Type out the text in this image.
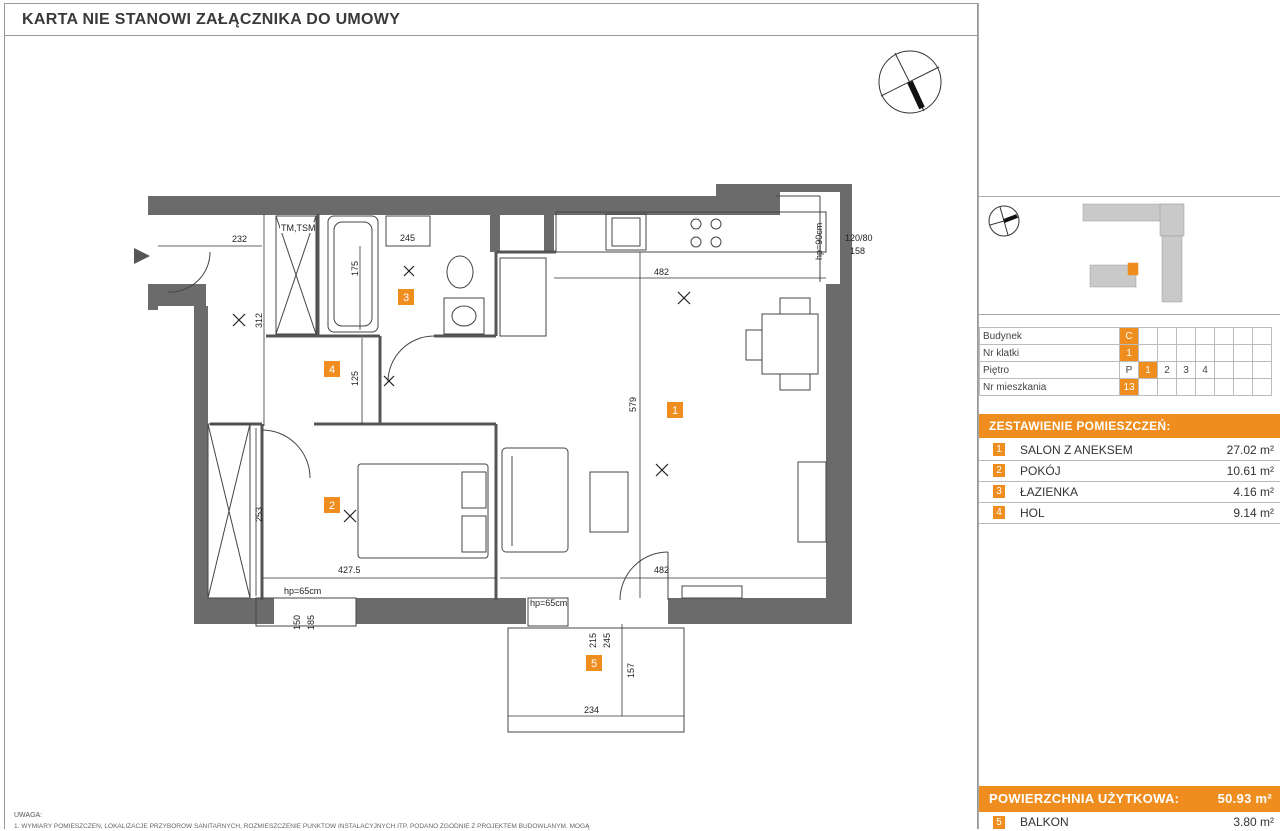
KARTA NIE STANOWI ZAŁĄCZNIKA DO UMOWY
1
2
3
4
5
232	245
175
312
125
482
579
253
427.5	482
120/80
158
150 185
215 245
157
234
TM,TSM
hp=65cm
hp=65cm
hp=90cm
Budynek	C							
Nr klatki	1							
Piętro	P	1	2	3	4			
Nr mieszkania	13							
ZESTAWIENIE POMIESZCZEŃ:
1 SALON Z ANEKSEM	27.02 m²
2 POKÓJ	10.61 m²
3 ŁAZIENKA	4.16 m²
4 HOL	9.14 m²
POWIERZCHNIA UŻYTKOWA:	50.93 m²
5 BALKON	3.80 m²
UWAGA:
1. WYMIARY POMIESZCZEŃ, LOKALIZACJE PRZYBORÓW SANITARNYCH, ROZMIESZCZENIE PUNKTÓW INSTALACYJNYCH ITP. PODANO ZGODNIE Z PROJEKTEM BUDOWLANYM. MOGĄ
